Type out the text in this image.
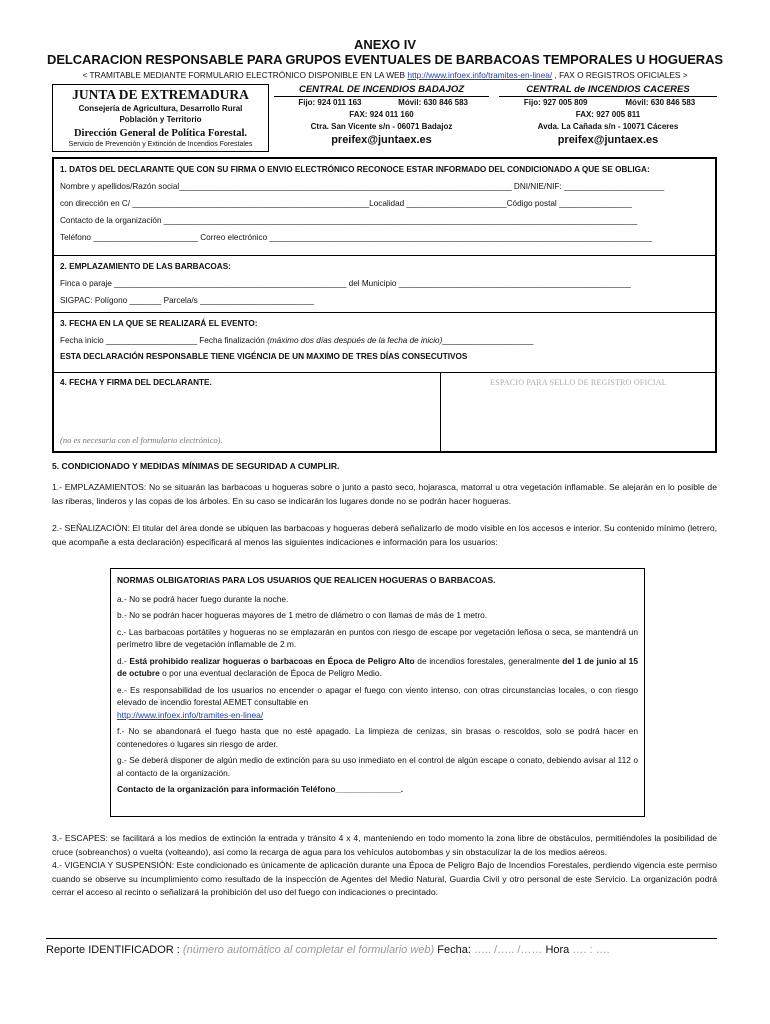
ANEXO IV
DELCARACION RESPONSABLE PARA GRUPOS EVENTUALES DE BARBACOAS TEMPORALES U HOGUERAS
< TRAMITABLE MEDIANTE FORMULARIO ELECTRÓNICO DISPONIBLE EN LA WEB http://www.infoex.info/tramites-en-linea/ , FAX O REGISTROS OFICIALES >
JUNTA DE EXTREMADURA
Consejería de Agricultura, Desarrollo Rural
Población y Territorio
Dirección General de Política Forestal.
Servicio de Prevención y Extinción de Incendios Forestales
CENTRAL DE INCENDIOS BADAJOZ
Fijo: 924 011 163	Móvil: 630 846 583
FAX: 924 011 160
Ctra. San Vicente s/n - 06071 Badajoz
preifex@juntaex.es
CENTRAL de INCENDIOS CACERES
Fijo: 927 005 809	Móvil: 630 846 583
FAX: 927 005 811
Avda. La Cañada s/n - 10071 Cáceres
preifex@juntaex.es
1. DATOS DEL DECLARANTE QUE CON SU FIRMA O ENVIO ELECTRÓNICO RECONOCE ESTAR INFORMADO DEL CONDICIONADO A QUE SE OBLIGA:
Nombre y apellidos/Razón social_________________________________________________________________________ DNI/NIE/NIF: ______________________
con dirección en C/ ____________________________________________________Localidad ______________________Código postal ________________
Contacto de la organización ________________________________________________________________________________________________________
Teléfono _______________________ Correo electrónico ____________________________________________________________________________________
2. EMPLAZAMIENTO DE LAS BARBACOAS:
Finca o paraje ___________________________________________________ del Municipio ___________________________________________________
SIGPAC: Polígono _______ Parcela/s _________________________
3. FECHA EN LA QUE SE REALIZARÁ EL EVENTO:
Fecha inicio ____________________ Fecha finalización (máximo dos días después de la fecha de inicio)____________________
ESTA DECLARACIÓN RESPONSABLE TIENE VIGÉNCIA DE UN MAXIMO DE TRES DÍAS CONSECUTIVOS
4. FECHA Y FIRMA DEL DECLARANTE.
(no es necesaria con el formulario electrónico).
ESPACIO PARA SELLO DE REGISTRO OFICIAL
5. CONDICIONADO Y MEDIDAS MÍNIMAS DE SEGURIDAD A CUMPLIR.
1.- EMPLAZAMIENTOS: No se situarán las barbacoas u hogueras sobre o junto a pasto seco, hojarasca, matorral u otra vegetación inflamable. Se alejarán en lo posible de las riberas, linderos y las copas de los árboles. En su caso se indicarán los lugares donde no se podrán hacer hogueras.
2.- SEÑALIZACIÓN: El titular del área donde se ubiquen las barbacoas y hogueras deberá señalizarlo de modo visible en los accesos e interior. Su contenido mínimo (letrero, que acompañe a esta declaración) especificará al menos las siguientes indicaciones e información para los usuarios:

NORMAS OLBIGATORIAS PARA LOS USUARIOS QUE REALICEN HOGUERAS O BARBACOAS.

a.- No se podrá hacer fuego durante la noche.

b.- No se podrán hacer hogueras mayores de 1 metro de dlámetro o con llamas de más de 1 metro.

c.- Las barbacoas portátiles y hogueras no se emplazarán en puntos con riesgo de escape por vegetación leñosa o seca, se mantendrá un perímetro libre de vegetación inflamable de 2 m.

d.- Está prohibido realizar hogueras o barbacoas en Época de Peligro Alto de incendios forestales, generalmente del 1 de junio al 15 de octubre o por una eventual declaración de Época de Peligro Medio.

e.- Es responsabilidad de los usuarios no encender o apagar el fuego con viento intenso, con otras circunstancias locales, o con riesgo elevado de incendio forestal AEMET consultable en
http://www.infoex.info/tramites-en-linea/

f.- No se abandonará el fuego hasta que no esté apagado. La limpieza de cenizas, sin brasas o rescoldos, solo se podrá hacer en contenedores o lugares sin riesgo de arder.

g.- Se deberá disponer de algún medio de extinción para su uso inmediato en el control de algún escape o conato, debiendo avisar al 112 o al contacto de la organización.

Contacto de la organización para información Teléfono______________.

3.- ESCAPES: se facilitará a los medios de extinción la entrada y tránsito 4 x 4, manteniendo en todo momento la zona libre de obstáculos, permitiéndoles la posibilidad de cruce (sobreanchos) o vuelta (volteando), así como la recarga de agua para los vehículos autobombas y sin obstaculizar la de los medios aéreos.
4.- VIGENCIA Y SUSPENSIÓN: Este condicionado es únicamente de aplicación durante una Época de Peligro Bajo de Incendios Forestales, perdiendo vigencia este permiso cuando se observe su incumplimiento como resultado de la inspección de Agentes del Medio Natural, Guardia Civil y otro personal de este Servicio. La organización podrá cerrar el acceso al recinto o señalizará la prohibición del uso del fuego con indicaciones o precintado.
Reporte IDENTIFICADOR : (número automático al completar el formulario web) Fecha: ….. /….. /…… Hora …. : ….
